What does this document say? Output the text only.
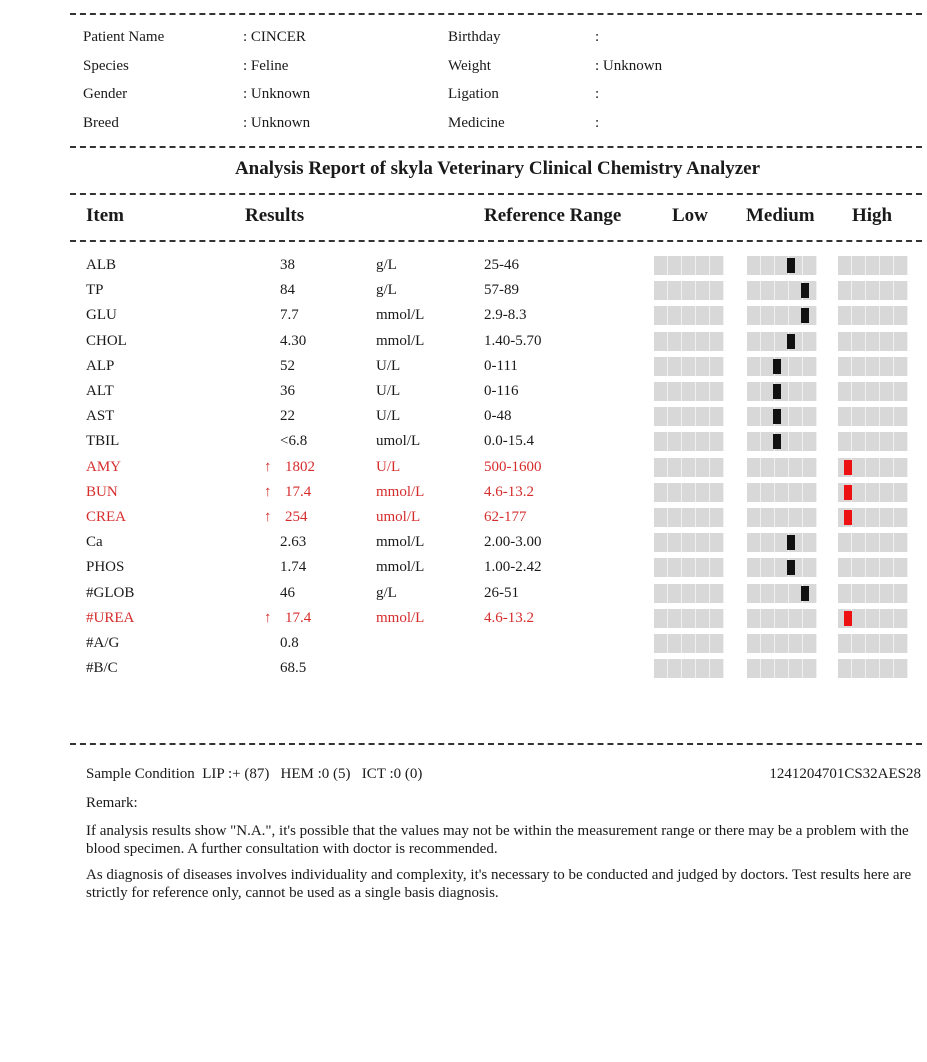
Patient Name	: CINCER	Birthday	:
Species	: Feline	Weight	: Unknown
Gender	: Unknown	Ligation	:
Breed	: Unknown	Medicine	:
Analysis Report of skyla Veterinary Clinical Chemistry Analyzer
Item	Results	Reference Range	Low Medium High
ALB	38	g/L	25-46
TP	84	g/L	57-89
GLU	7.7	mmol/L	2.9-8.3
CHOL	4.30	mmol/L	1.40-5.70
ALP	52	U/L	0-111
ALT	36	U/L	0-116
AST	22	U/L	0-48
TBIL	<6.8	umol/L	0.0-15.4
AMY	↑ 1802	U/L	500-1600
BUN	↑ 17.4	mmol/L	4.6-13.2
CREA	↑ 254	umol/L	62-177
Ca	2.63	mmol/L	2.00-3.00
PHOS	1.74	mmol/L	1.00-2.42
#GLOB	46	g/L	26-51
#UREA	↑ 17.4	mmol/L	4.6-13.2
#A/G	0.8
#B/C	68.5
Sample Condition  LIP :+ (87)   HEM :0 (5)   ICT :0 (0)	1241204701CS32AES28
Remark:
If analysis results show "N.A.", it's possible that the values may not be within the measurement range or there may be a problem with the blood specimen. A further consultation with doctor is recommended.
As diagnosis of diseases involves individuality and complexity, it's necessary to be conducted and judged by doctors. Test results here are strictly for reference only, cannot be used as a single basis diagnosis.
